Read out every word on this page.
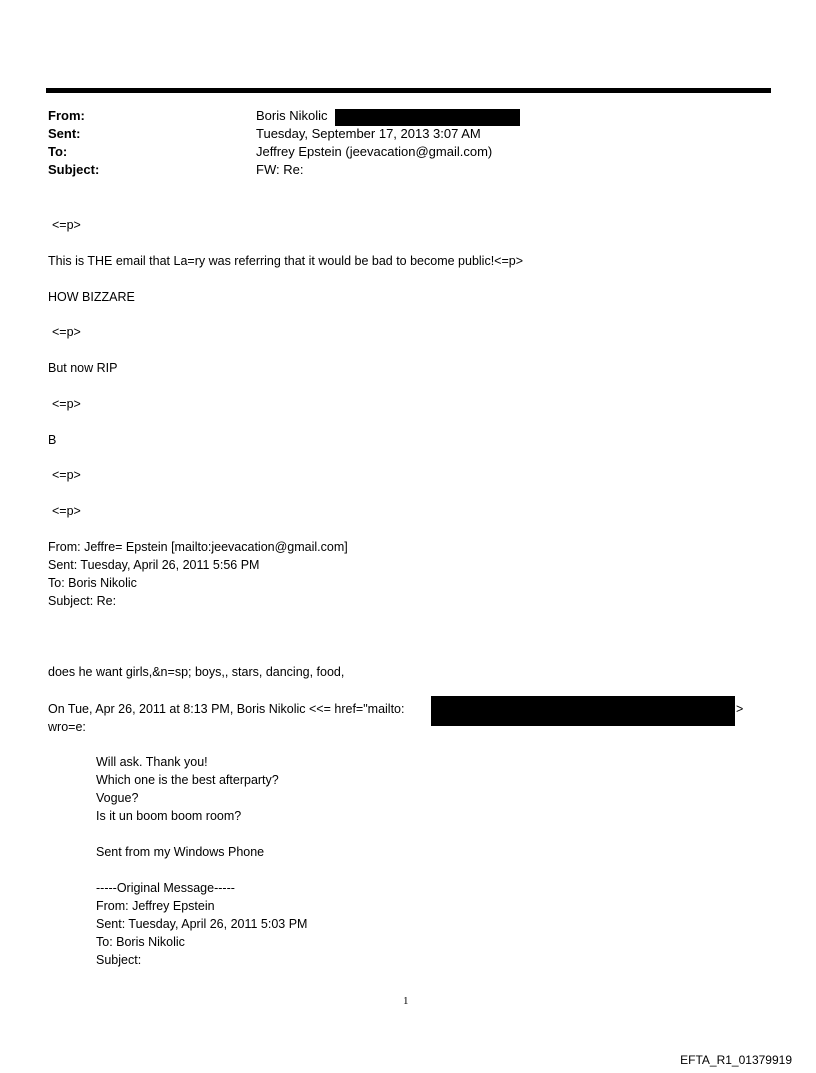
From:	Boris Nikolic
Sent:	Tuesday, September 17, 2013 3:07 AM
To:	Jeffrey Epstein (jeevacation@gmail.com)
Subject:	FW: Re:
<=p>
This is THE email that La=ry was referring that it would be bad to become public!<=p>
HOW BIZZARE
<=p>
But now RIP
<=p>
B
<=p>
<=p>
From: Jeffre= Epstein [mailto:jeevacation@gmail.com]
Sent: Tuesday, April 26, 2011 5:56 PM
To: Boris Nikolic
Subject: Re:
does he want girls,&n=sp; boys,, stars, dancing, food,
On Tue, Apr 26, 2011 at 8:13 PM, Boris Nikolic <<= href="mailto:	>
wro=e:
Will ask. Thank you!
Which one is the best afterparty?
Vogue?
Is it un boom boom room?
Sent from my Windows Phone
-----Original Message-----
From: Jeffrey Epstein
Sent: Tuesday, April 26, 2011 5:03 PM
To: Boris Nikolic
Subject:
1
EFTA_R1_01379919
